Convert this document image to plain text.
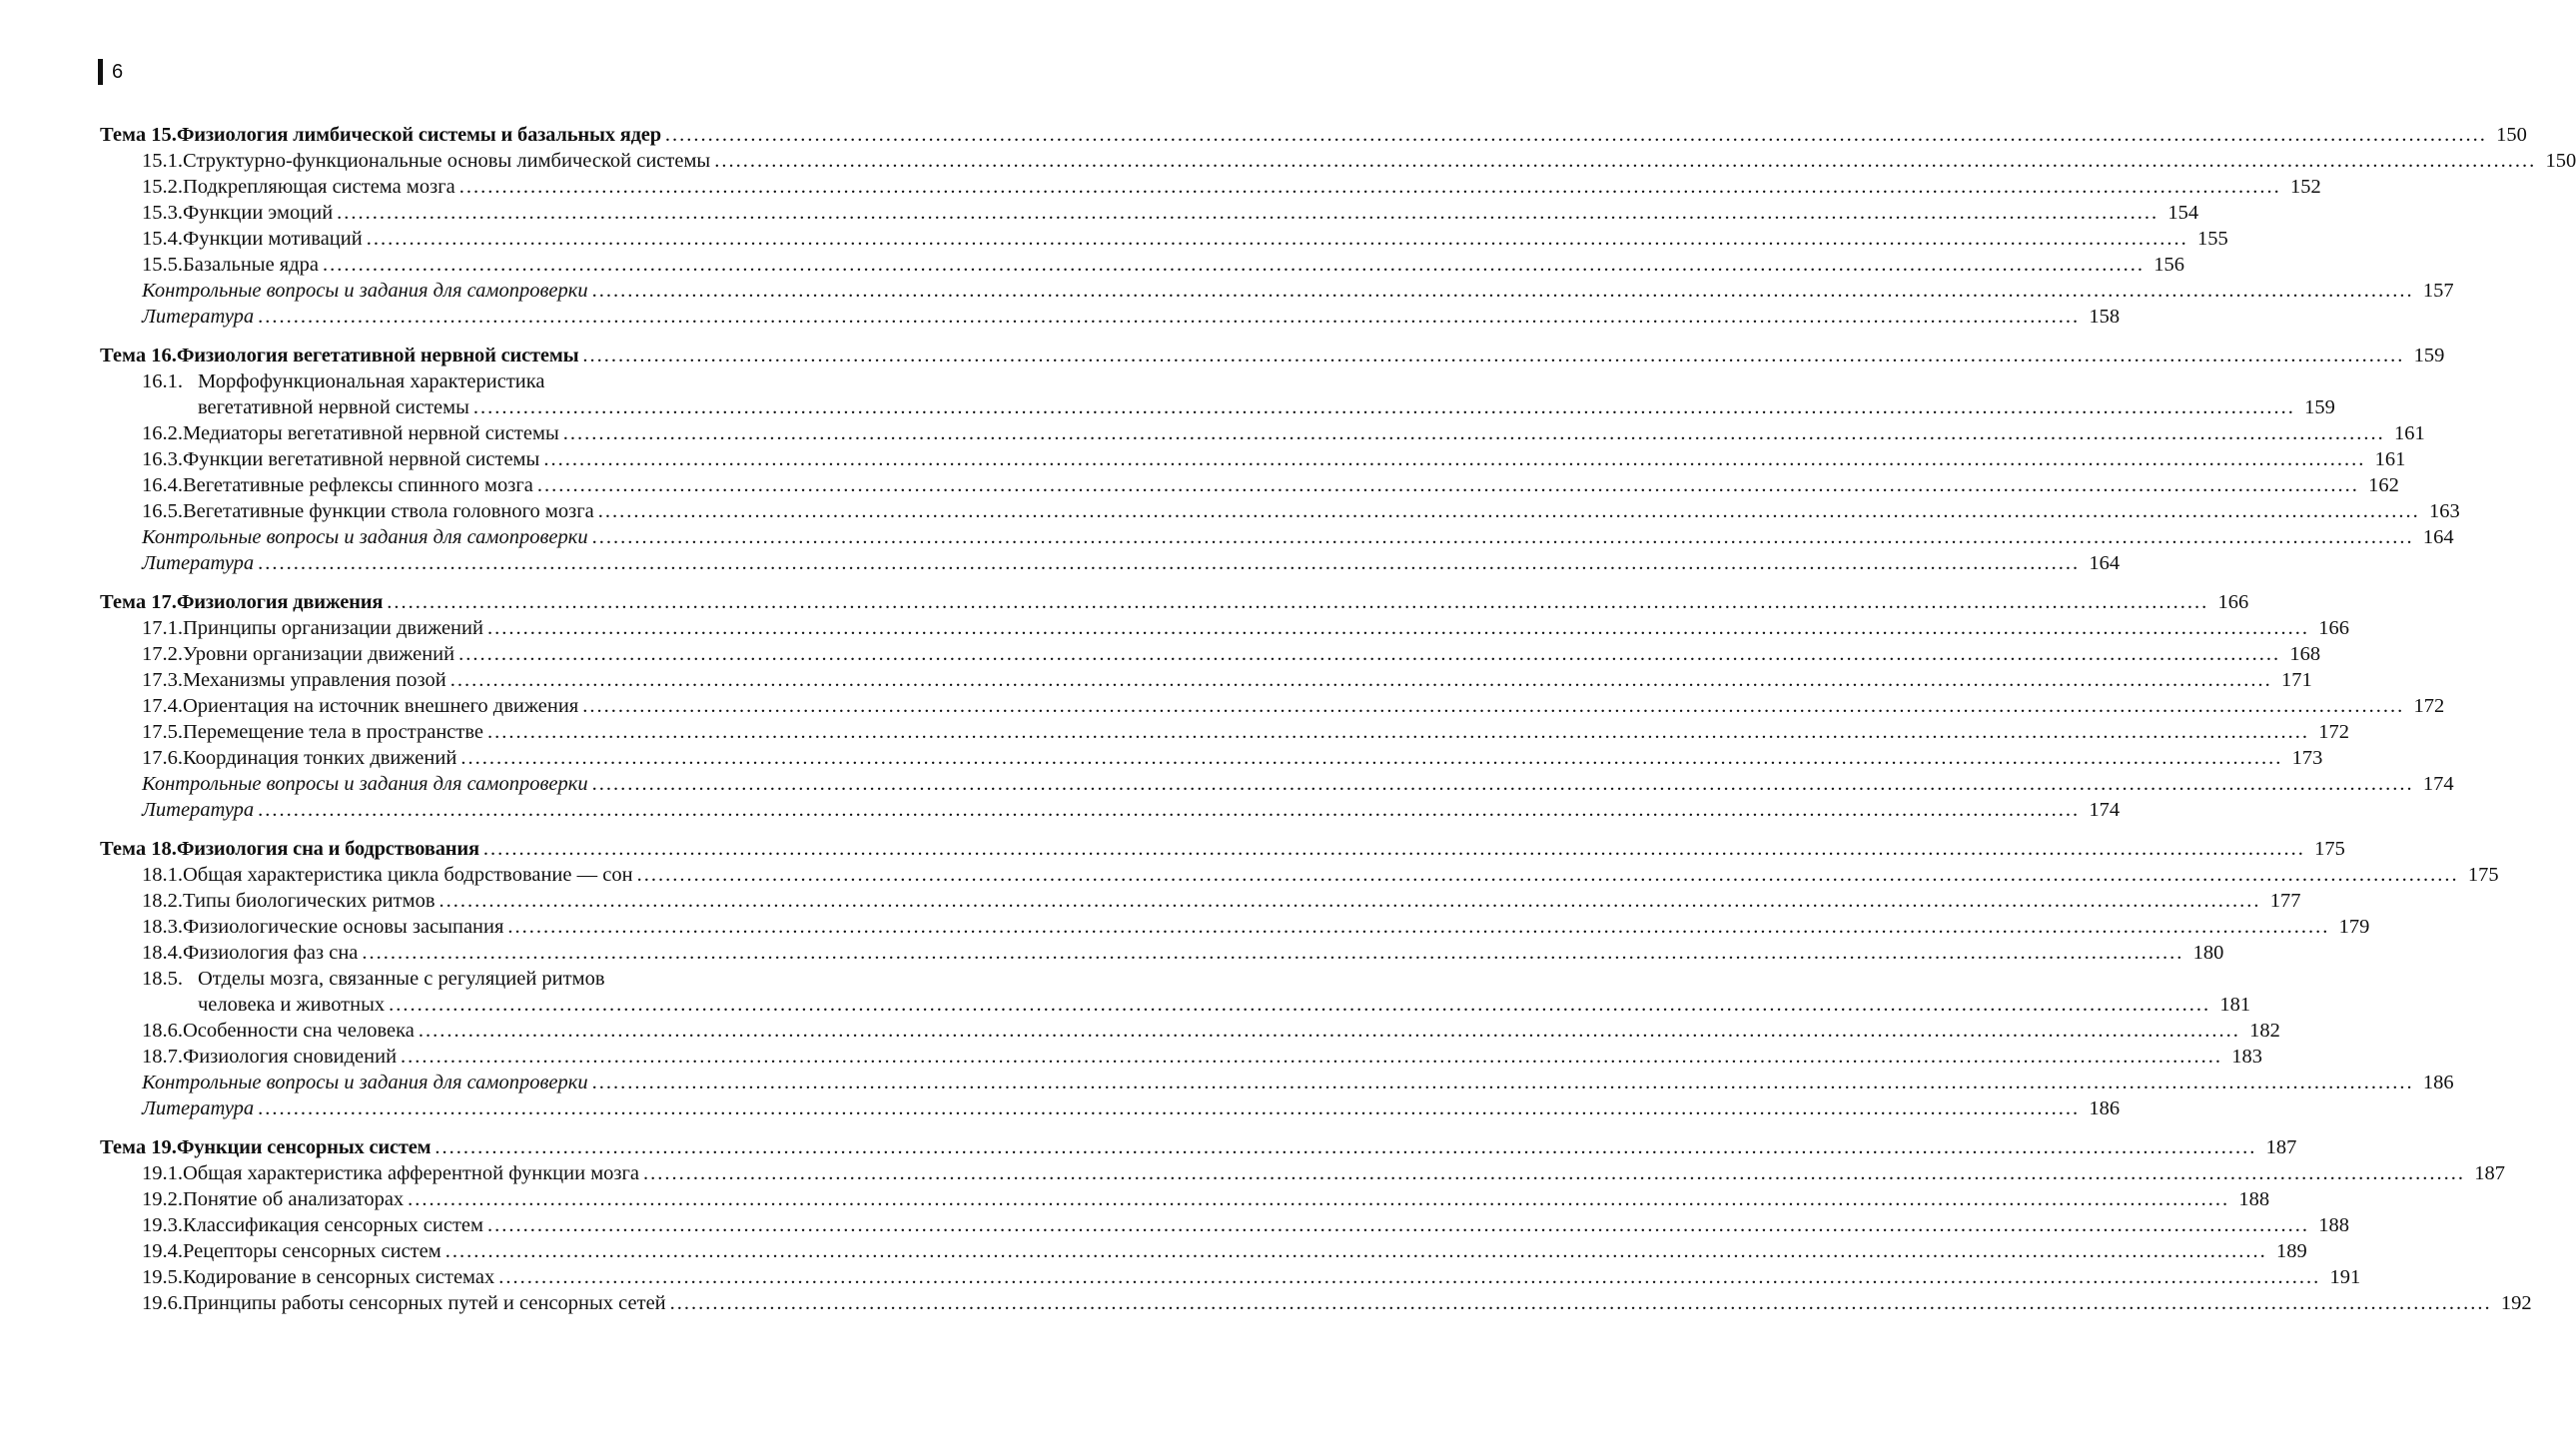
6
Тема 15. Физиология лимбической системы и базальных ядер .....	150
15.1. Структурно-функциональные основы лимбической системы .....	150
15.2. Подкрепляющая система мозга .....	152
15.3. Функции эмоций .....	154
15.4. Функции мотиваций .....	155
15.5. Базальные ядра .....	156
Контрольные вопросы и задания для самопроверки .....	157
Литература .....	158
Тема 16. Физиология вегетативной нервной системы .....	159
16.1. Морфофункциональная характеристика
вегетативной нервной системы .....	159
16.2. Медиаторы вегетативной нервной системы .....	161
16.3. Функции вегетативной нервной системы .....	161
16.4. Вегетативные рефлексы спинного мозга .....	162
16.5. Вегетативные функции ствола головного мозга .....	163
Контрольные вопросы и задания для самопроверки .....	164
Литература .....	164
Тема 17. Физиология движения .....	166
17.1. Принципы организации движений .....	166
17.2. Уровни организации движений .....	168
17.3. Механизмы управления позой .....	171
17.4. Ориентация на источник внешнего движения .....	172
17.5. Перемещение тела в пространстве .....	172
17.6. Координация тонких движений .....	173
Контрольные вопросы и задания для самопроверки .....	174
Литература .....	174
Тема 18. Физиология сна и бодрствования .....	175
18.1. Общая характеристика цикла бодрствование — сон .....	175
18.2. Типы биологических ритмов .....	177
18.3. Физиологические основы засыпания .....	179
18.4. Физиология фаз сна .....	180
18.5. Отделы мозга, связанные с регуляцией ритмов
человека и животных .....	181
18.6. Особенности сна человека .....	182
18.7. Физиология сновидений .....	183
Контрольные вопросы и задания для самопроверки .....	186
Литература .....	186
Тема 19. Функции сенсорных систем .....	187
19.1. Общая характеристика афферентной функции мозга .....	187
19.2. Понятие об анализаторах .....	188
19.3. Классификация сенсорных систем .....	188
19.4. Рецепторы сенсорных систем .....	189
19.5. Кодирование в сенсорных системах .....	191
19.6. Принципы работы сенсорных путей и сенсорных сетей .....	192
